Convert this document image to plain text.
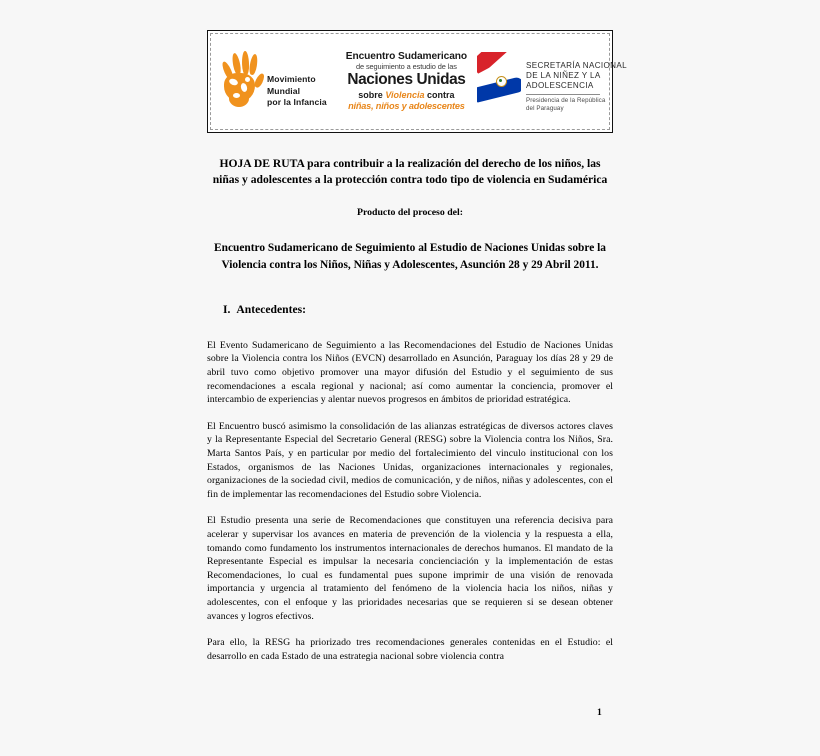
Movimiento Mundial
por la Infancia
Encuentro Sudamericano
de seguimiento a estudio de las
Naciones Unidas
sobre Violencia contra
niñas, niños y adolescentes
SECRETARÍA NACIONAL
DE LA NIÑEZ Y LA
ADOLESCENCIA
Presidencia de la República
del Paraguay
HOJA DE RUTA para contribuir a la realización del derecho de los niños, las niñas y adolescentes a la protección contra todo tipo de violencia en Sudamérica
Producto del proceso del:
Encuentro Sudamericano de Seguimiento al Estudio de Naciones Unidas sobre la Violencia contra los Niños, Niñas y Adolescentes, Asunción 28 y 29 Abril 2011.
I. Antecedentes:

El Evento Sudamericano de Seguimiento a las Recomendaciones del Estudio de Naciones Unidas sobre la Violencia contra los Niños (EVCN) desarrollado en Asunción, Paraguay los días 28 y 29 de abril tuvo como objetivo promover una mayor difusión del Estudio y el seguimiento de sus recomendaciones a escala regional y nacional; así como aumentar la conciencia, promover el intercambio de experiencias y alentar nuevos progresos en ámbitos de prioridad estratégica.

El Encuentro buscó asimismo la consolidación de las alianzas estratégicas de diversos actores claves y la Representante Especial del Secretario General (RESG) sobre la Violencia contra los Niños, Sra. Marta Santos País, y en particular por medio del fortalecimiento del vinculo institucional con los Estados, organismos de las Naciones Unidas, organizaciones internacionales y regionales, organizaciones de la sociedad civil, medios de comunicación, y de niños, niñas y adolescentes, con el fin de implementar las recomendaciones del Estudio sobre Violencia.

El Estudio presenta una serie de Recomendaciones que constituyen una referencia decisiva para acelerar y supervisar los avances en materia de prevención de la violencia y la respuesta a ella, tomando como fundamento los instrumentos internacionales de derechos humanos. El mandato de la Representante Especial es impulsar la necesaria concienciación y la implementación de estas Recomendaciones, lo cual es fundamental pues supone imprimir de una visión de renovada importancia y urgencia al tratamiento del fenómeno de la violencia hacia los niños, niñas y adolescentes, con el enfoque y las prioridades necesarias que se requieren si se desean obtener avances y logros efectivos.

Para ello, la RESG ha priorizado tres recomendaciones generales contenidas en el Estudio: el desarrollo en cada Estado de una estrategia nacional sobre violencia contra

1
